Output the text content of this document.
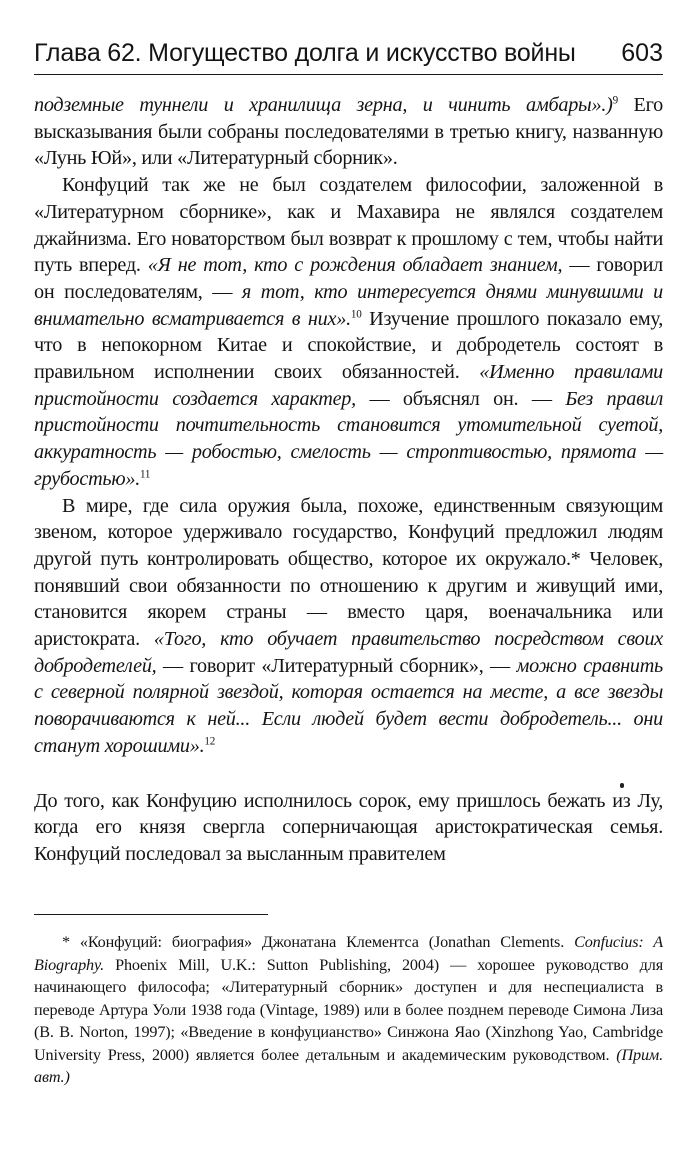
Глава 62. Могущество долга и искусство войны 603

подземные туннели и хранилища зерна, и чинить амбары».)$^9$ Его высказывания были собраны последователями в третью книгу, названную «Лунь Юй», или «Литературный сборник».

Конфуций так же не был создателем философии, заложенной в «Литературном сборнике», как и Махавира не являлся создателем джайнизма. Его новаторством был возврат к прошлому с тем, чтобы найти путь вперед. «Я не тот, кто с рождения обладает знанием, — говорил он последователям, — я тот, кто интересуется днями минувшими и внимательно всматривается в них».$^{10}$ Изучение прошлого показало ему, что в непокорном Китае и спокойствие, и добродетель состоят в правильном исполнении своих обязанностей. «Именно правилами пристойности создается характер, — объяснял он. — Без правил пристойности почтительность становится утомительной суетой, аккуратность — робостью, смелость — строптивостью, прямота — грубостью».$^{11}$

В мире, где сила оружия была, похоже, единственным связующим звеном, которое удерживало государство, Конфуций предложил людям другой путь контролировать общество, которое их окружало.* Человек, понявший свои обязанности по отношению к другим и живущий ими, становится якорем страны — вместо царя, военачальника или аристократа. «Того, кто обучает правительство посредством своих добродетелей, — говорит «Литературный сборник», — можно сравнить с северной полярной звездой, которая остается на месте, а все звезды поворачиваются к ней... Если людей будет вести добродетель... они станут хорошими».$^{12}$

До того, как Конфуцию исполнилось сорок, ему пришлось бежать из Лу, когда его князя свергла соперничающая аристократическая семья. Конфуций последовал за высланным правителем

* «Конфуций: биография» Джонатана Клементса (Jonathan Clements. Confucius: A Biography. Phoenix Mill, U.K.: Sutton Publishing, 2004) — хорошее руководство для начинающего философа; «Литературный сборник» доступен и для неспециалиста в переводе Артура Уоли 1938 года (Vintage, 1989) или в более позднем переводе Симона Лиза (B. B. Norton, 1997); «Введение в конфуцианство» Синжона Яао (Xinzhong Yao, Cambridge University Press, 2000) является более детальным и академическим руководством. (Прим. авт.)
